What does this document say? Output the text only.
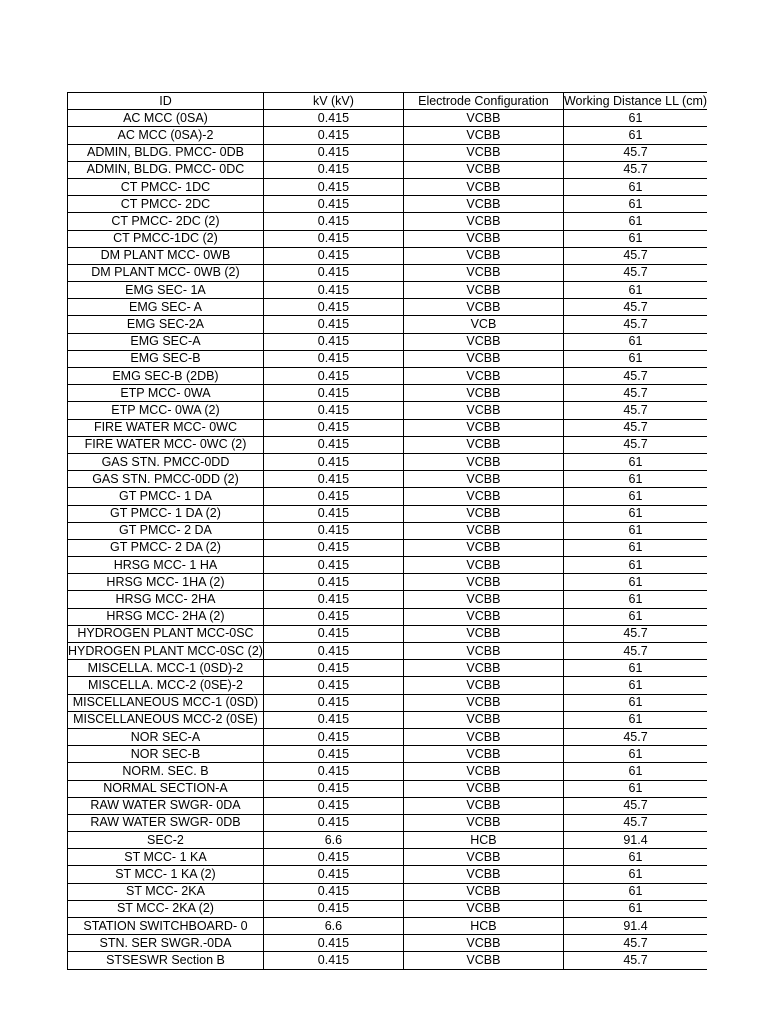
ID	kV (kV)	Electrode Configuration	Working Distance LL (cm)

AC MCC (0SA)	0.415	VCBB	61

AC MCC (0SA)-2	0.415	VCBB	61

ADMIN, BLDG. PMCC- 0DB	0.415	VCBB	45.7

ADMIN, BLDG. PMCC- 0DC	0.415	VCBB	45.7

CT PMCC- 1DC	0.415	VCBB	61

CT PMCC- 2DC	0.415	VCBB	61

CT PMCC- 2DC (2)	0.415	VCBB	61

CT PMCC-1DC (2)	0.415	VCBB	61

DM PLANT MCC- 0WB	0.415	VCBB	45.7

DM PLANT MCC- 0WB (2)	0.415	VCBB	45.7

EMG SEC- 1A	0.415	VCBB	61

EMG SEC- A	0.415	VCBB	45.7

EMG SEC-2A	0.415	VCB	45.7

EMG SEC-A	0.415	VCBB	61

EMG SEC-B	0.415	VCBB	61

EMG SEC-B (2DB)	0.415	VCBB	45.7

ETP MCC- 0WA	0.415	VCBB	45.7

ETP MCC- 0WA (2)	0.415	VCBB	45.7

FIRE WATER MCC- 0WC	0.415	VCBB	45.7

FIRE WATER MCC- 0WC (2)	0.415	VCBB	45.7

GAS STN. PMCC-0DD	0.415	VCBB	61

GAS STN. PMCC-0DD (2)	0.415	VCBB	61

GT PMCC- 1 DA	0.415	VCBB	61

GT PMCC- 1 DA (2)	0.415	VCBB	61

GT PMCC- 2 DA	0.415	VCBB	61

GT PMCC- 2 DA (2)	0.415	VCBB	61

HRSG MCC- 1 HA	0.415	VCBB	61

HRSG MCC- 1HA (2)	0.415	VCBB	61

HRSG MCC- 2HA	0.415	VCBB	61

HRSG MCC- 2HA (2)	0.415	VCBB	61

HYDROGEN PLANT MCC-0SC	0.415	VCBB	45.7

HYDROGEN PLANT MCC-0SC (2)	0.415	VCBB	45.7

MISCELLA. MCC-1 (0SD)-2	0.415	VCBB	61

MISCELLA. MCC-2 (0SE)-2	0.415	VCBB	61

MISCELLANEOUS MCC-1 (0SD)	0.415	VCBB	61

MISCELLANEOUS MCC-2 (0SE)	0.415	VCBB	61

NOR SEC-A	0.415	VCBB	45.7

NOR SEC-B	0.415	VCBB	61

NORM. SEC. B	0.415	VCBB	61

NORMAL SECTION-A	0.415	VCBB	61

RAW WATER SWGR- 0DA	0.415	VCBB	45.7

RAW WATER SWGR- 0DB	0.415	VCBB	45.7

SEC-2	6.6	HCB	91.4

ST MCC- 1 KA	0.415	VCBB	61

ST MCC- 1 KA (2)	0.415	VCBB	61

ST MCC- 2KA	0.415	VCBB	61

ST MCC- 2KA (2)	0.415	VCBB	61

STATION SWITCHBOARD- 0	6.6	HCB	91.4

STN. SER SWGR.-0DA	0.415	VCBB	45.7

STSESWR Section B	0.415	VCBB	45.7
